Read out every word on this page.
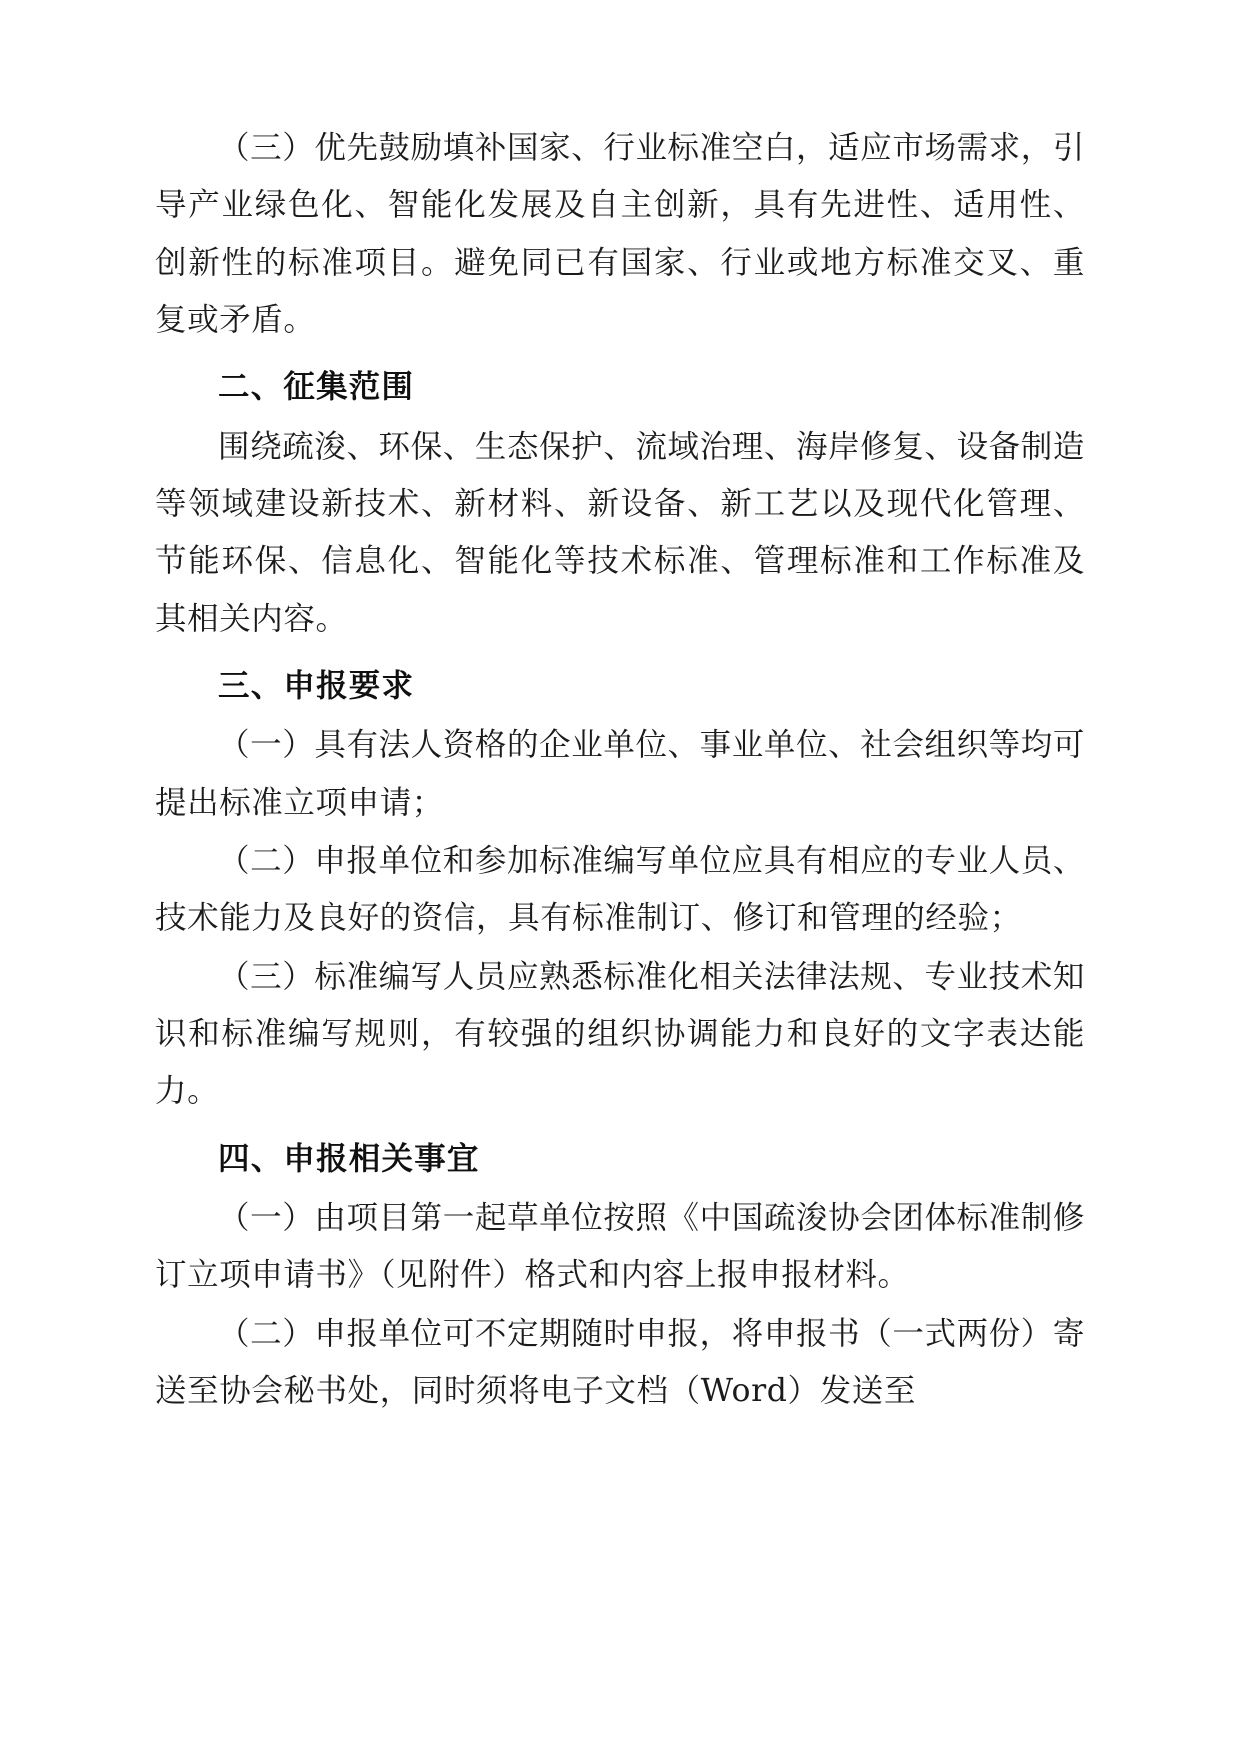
（三）优先鼓励填补国家、行业标准空白，适应市场需求，引导产业绿色化、智能化发展及自主创新，具有先进性、适用性、创新性的标准项目。避免同已有国家、行业或地方标准交叉、重复或矛盾。

二、征集范围

围绕疏浚、环保、生态保护、流域治理、海岸修复、设备制造等领域建设新技术、新材料、新设备、新工艺以及现代化管理、节能环保、信息化、智能化等技术标准、管理标准和工作标准及其相关内容。

三、申报要求

（一）具有法人资格的企业单位、事业单位、社会组织等均可提出标准立项申请；

（二）申报单位和参加标准编写单位应具有相应的专业人员、技术能力及良好的资信，具有标准制订、修订和管理的经验；

（三）标准编写人员应熟悉标准化相关法律法规、专业技术知识和标准编写规则，有较强的组织协调能力和良好的文字表达能力。

四、申报相关事宜

（一）由项目第一起草单位按照《中国疏浚协会团体标准制修订立项申请书》（见附件）格式和内容上报申报材料。

（二）申报单位可不定期随时申报，将申报书（一式两份）寄送至协会秘书处，同时须将电子文档（Word）发送至
